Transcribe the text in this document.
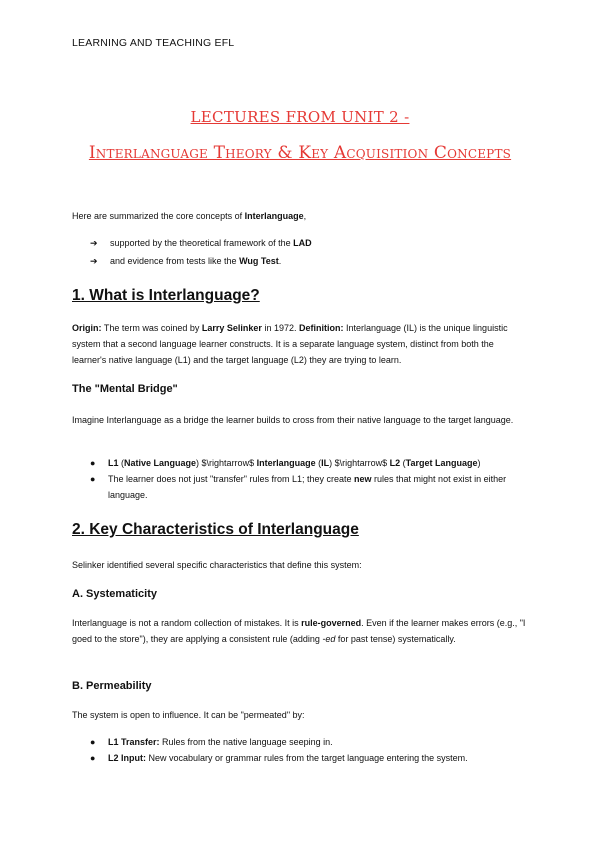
LEARNING AND TEACHING EFL
LECTURES FROM UNIT 2 -
Interlanguage Theory & Key Acquisition Concepts
Here are summarized the core concepts of Interlanguage,
➔ supported by the theoretical framework of the LAD
➔ and evidence from tests like the Wug Test.
1. What is Interlanguage?
Origin: The term was coined by Larry Selinker in 1972. Definition: Interlanguage (IL) is the unique linguistic system that a second language learner constructs. It is a separate language system, distinct from both the learner's native language (L1) and the target language (L2) they are trying to learn.
The "Mental Bridge"
Imagine Interlanguage as a bridge the learner builds to cross from their native language to the target language.
● L1 (Native Language) $\rightarrow$ Interlanguage (IL) $\rightarrow$ L2 (Target Language)
● The learner does not just "transfer" rules from L1; they create new rules that might not exist in either language.
2. Key Characteristics of Interlanguage
Selinker identified several specific characteristics that define this system:
A. Systematicity
Interlanguage is not a random collection of mistakes. It is rule-governed. Even if the learner makes errors (e.g., "I goed to the store"), they are applying a consistent rule (adding -ed for past tense) systematically.
B. Permeability
The system is open to influence. It can be "permeated" by:
● L1 Transfer: Rules from the native language seeping in.
● L2 Input: New vocabulary or grammar rules from the target language entering the system.
